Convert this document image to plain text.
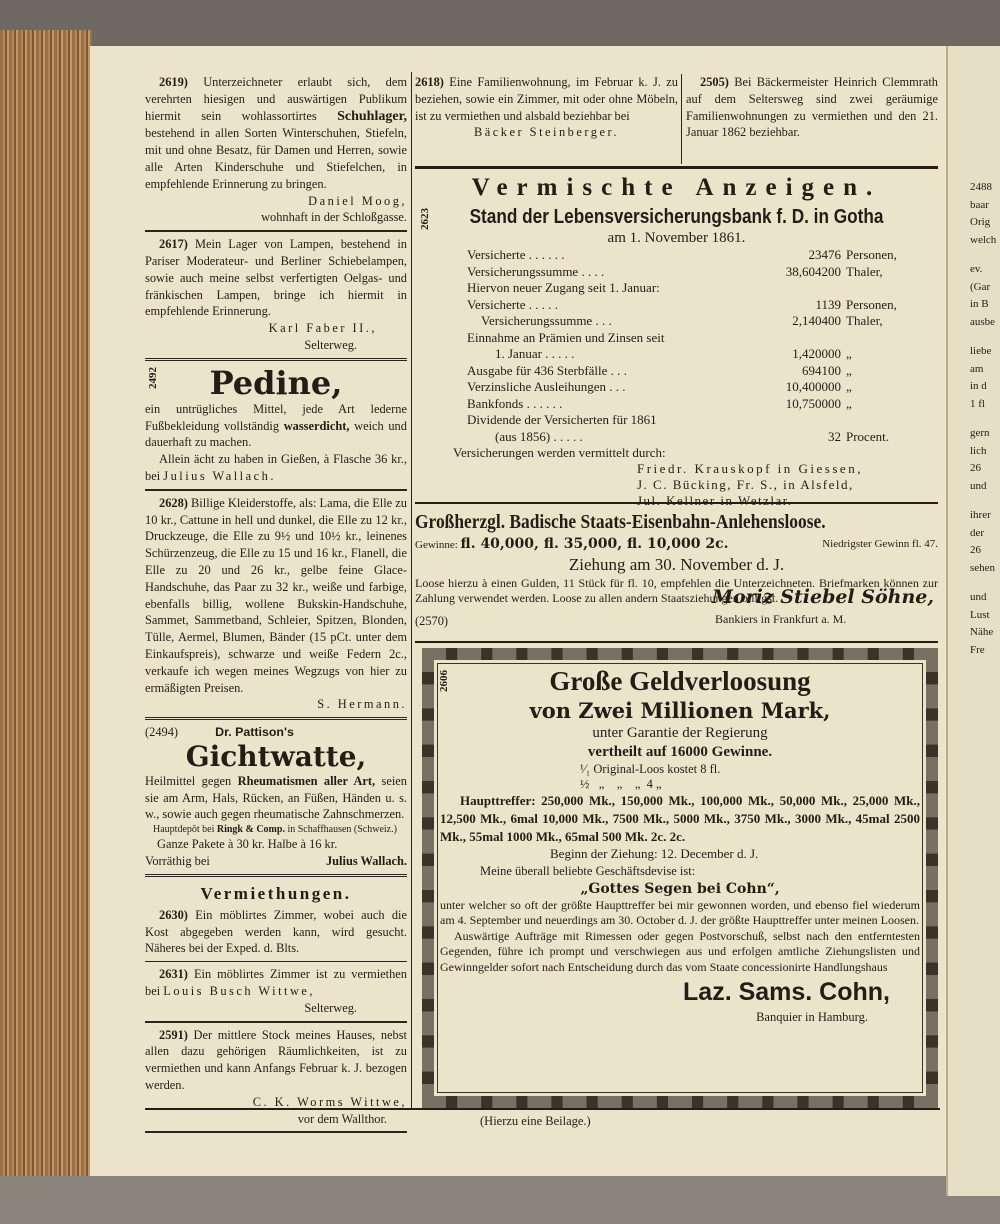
2619) Unterzeichneter erlaubt sich, dem verehrten hiesigen und auswärtigen Publikum hiermit sein wohlassortirtes Schuhlager, bestehend in allen Sorten Winterschuhen, Stiefeln, mit und ohne Besatz, für Damen und Herren, sowie alle Arten Kinderschuhe und Stiefelchen, in empfehlende Erinnerung zu bringen.

Daniel Moog,

wohnhaft in der Schloßgasse.

2617) Mein Lager von Lampen, bestehend in Pariser Moderateur- und Berliner Schiebelampen, sowie auch meine selbst verfertigten Oelgas- und fränkischen Lampen, bringe ich hiermit in empfehlende Erinnerung.

Karl Faber II.,

Selterweg.

2492	Pedine,

ein untrügliches Mittel, jede Art lederne Fußbekleidung vollständig wasserdicht, weich und dauerhaft zu machen.

Allein ächt zu haben in Gießen, à Flasche 36 kr., bei Julius Wallach.

2628) Billige Kleiderstoffe, als: Lama, die Elle zu 10 kr., Cattune in hell und dunkel, die Elle zu 12 kr., Druckzeuge, die Elle zu 9½ und 10½ kr., leinenes Schürzenzeug, die Elle zu 15 und 16 kr., Flanell, die Elle zu 20 und 26 kr., gelbe feine Glace-Handschuhe, das Paar zu 32 kr., weiße und farbige, ebenfalls billig, wollene Bukskin-Handschuhe, Sammet, Sammetband, Schleier, Spitzen, Blonden, Tülle, Aermel, Blumen, Bänder (15 pCt. unter dem Einkaufspreis), schwarze und weiße Federn 2c., verkaufe ich wegen meines Wegzugs von hier zu ermäßigten Preisen.

S. Hermann.

(2494)	Dr. Pattison's

Gichtwatte,

Heilmittel gegen Rheumatismen aller Art, seien sie am Arm, Hals, Rücken, an Füßen, Händen u. s. w., sowie auch gegen rheumatische Zahnschmerzen.

Hauptdepôt bei Ringk & Comp. in Schaffhausen (Schweiz.)

Ganze Pakete à 30 kr. Halbe à 16 kr.

Vorräthig bei	Julius Wallach.

Vermiethungen.

2630) Ein möblirtes Zimmer, wobei auch die Kost abgegeben werden kann, wird gesucht. Näheres bei der Exped. d. Blts.

2631) Ein möblirtes Zimmer ist zu vermiethen bei Louis Busch Wittwe,

Selterweg.

2591) Der mittlere Stock meines Hauses, nebst allen dazu gehörigen Räumlichkeiten, ist zu vermiethen und kann Anfangs Februar k. J. bezogen werden.

C. K. Worms Wittwe,

vor dem Wallthor.

2618) Eine Familienwohnung, im Februar k. J. zu beziehen, sowie ein Zimmer, mit oder ohne Möbeln, ist zu vermiethen und alsbald beziehbar bei

Bäcker Steinberger.

2505) Bei Bäckermeister Heinrich Clemmrath auf dem Seltersweg sind zwei geräumige Familienwohnungen zu vermiethen und den 21. Januar 1862 beziehbar.

Vermischte Anzeigen.

2623	Stand der Lebensversicherungsbank f. D. in Gotha

am 1. November 1861.

Versicherte . . . . . .	23476 Personen,
Versicherungssumme . . . .	38,604200 Thaler,
Hiervon neuer Zugang seit 1. Januar:
Versicherte . . . . .	1139 Personen,
Versicherungssumme . . .	2,140400 Thaler,
Einnahme an Prämien und Zinsen seit
1. Januar . . . . .	1,420000 „
Ausgabe für 436 Sterbfälle . . .	694100 „
Verzinsliche Ausleihungen . . .	10,400000 „
Bankfonds . . . . . .	10,750000 „
Dividende der Versicherten für 1861
(aus 1856) . . . . .	32 Procent.

Versicherungen werden vermittelt durch:

Friedr. Krauskopf in Giessen,

J. C. Bücking, Fr. S., in Alsfeld,

Jul. Kellner in Wetzlar.

Großherzgl. Badische Staats-Eisenbahn-Anlehensloose.

Gewinne: fl. 40,000, fl. 35,000, fl. 10,000 2c.	Niedrigster Gewinn fl. 47.

Ziehung am 30. November d. J.

Loose hierzu à einen Gulden, 11 Stück für fl. 10, empfehlen die Unterzeichneten. Briefmarken können zur Zahlung verwendet werden. Loose zu allen andern Staatsziehungen billigst.

(2570)
Moriz Stiebel Söhne,
Bankiers in Frankfurt a. M.
2606	Große Geldverloosung

von Zwei Millionen Mark,

unter Garantie der Regierung

vertheilt auf 16000 Gewinne.

¹⁄₁ Original-Loos kostet 8 fl.

½   „    „    „  4 „

Haupttreffer: 250,000 Mk., 150,000 Mk., 100,000 Mk., 50,000 Mk., 25,000 Mk., 12,500 Mk., 6mal 10,000 Mk., 7500 Mk., 5000 Mk., 3750 Mk., 3000 Mk., 45mal 2500 Mk., 55mal 1000 Mk., 65mal 500 Mk. 2c. 2c.

Beginn der Ziehung: 12. December d. J.

Meine überall beliebte Geschäftsdevise ist:

„Gottes Segen bei Cohn“,

unter welcher so oft der größte Haupttreffer bei mir gewonnen worden, und ebenso fiel wiederum am 4. September und neuerdings am 30. October d. J. der größte Haupttreffer unter meinen Loosen.

Auswärtige Aufträge mit Rimessen oder gegen Postvorschuß, selbst nach den entferntesten Gegenden, führe ich prompt und verschwiegen aus und erfolgen amtliche Ziehungslisten und Gewinngelder sofort nach Entscheidung durch das vom Staate concessionirte Handlungshaus

Laz. Sams. Cohn,

Banquier in Hamburg.

(Hierzu eine Beilage.)

2488
baar
Orig
welch
ev.
(Gar
in B
ausbe
liebe
am
in d
1 fl
gern
lich
26
und
ihrer
der
26
sehen
und
Lust
Nähe
Fre
